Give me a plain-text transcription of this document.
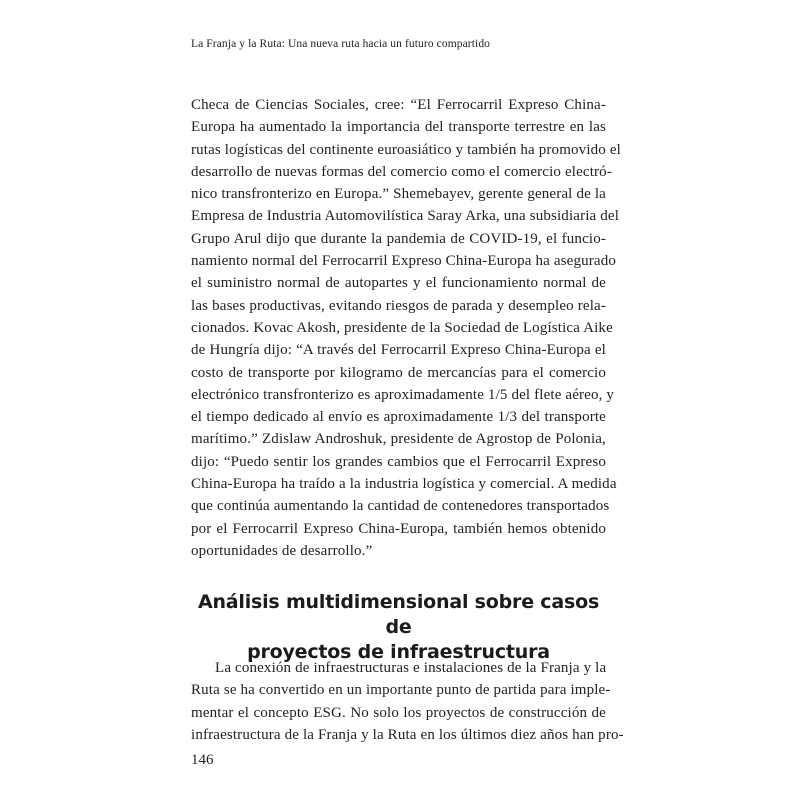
La Franja y la Ruta: Una nueva ruta hacia un futuro compartido
Checa de Ciencias Sociales, cree: “El Ferrocarril Expreso China-
Europa ha aumentado la importancia del transporte terrestre en las
rutas logísticas del continente euroasiático y también ha promovido el
desarrollo de nuevas formas del comercio como el comercio electró-
nico transfronterizo en Europa.” Shemebayev, gerente general de la
Empresa de Industria Automovilística Saray Arka, una subsidiaria del
Grupo Arul dijo que durante la pandemia de COVID-19, el funcio-
namiento normal del Ferrocarril Expreso China-Europa ha asegurado
el suministro normal de autopartes y el funcionamiento normal de
las bases productivas, evitando riesgos de parada y desempleo rela-
cionados. Kovac Akosh, presidente de la Sociedad de Logística Aike
de Hungría dijo: “A través del Ferrocarril Expreso China-Europa el
costo de transporte por kilogramo de mercancías para el comercio
electrónico transfronterizo es aproximadamente 1/5 del flete aéreo, y
el tiempo dedicado al envío es aproximadamente 1/3 del transporte
marítimo.” Zdislaw Androshuk, presidente de Agrostop de Polonia,
dijo: “Puedo sentir los grandes cambios que el Ferrocarril Expreso
China-Europa ha traído a la industria logística y comercial. A medida
que continúa aumentando la cantidad de contenedores transportados
por el Ferrocarril Expreso China-Europa, también hemos obtenido
oportunidades de desarrollo.”
Análisis multidimensional sobre casos de
proyectos de infraestructura
La conexión de infraestructuras e instalaciones de la Franja y la
Ruta se ha convertido en un importante punto de partida para imple-
mentar el concepto ESG. No solo los proyectos de construcción de
infraestructura de la Franja y la Ruta en los últimos diez años han pro-
146
